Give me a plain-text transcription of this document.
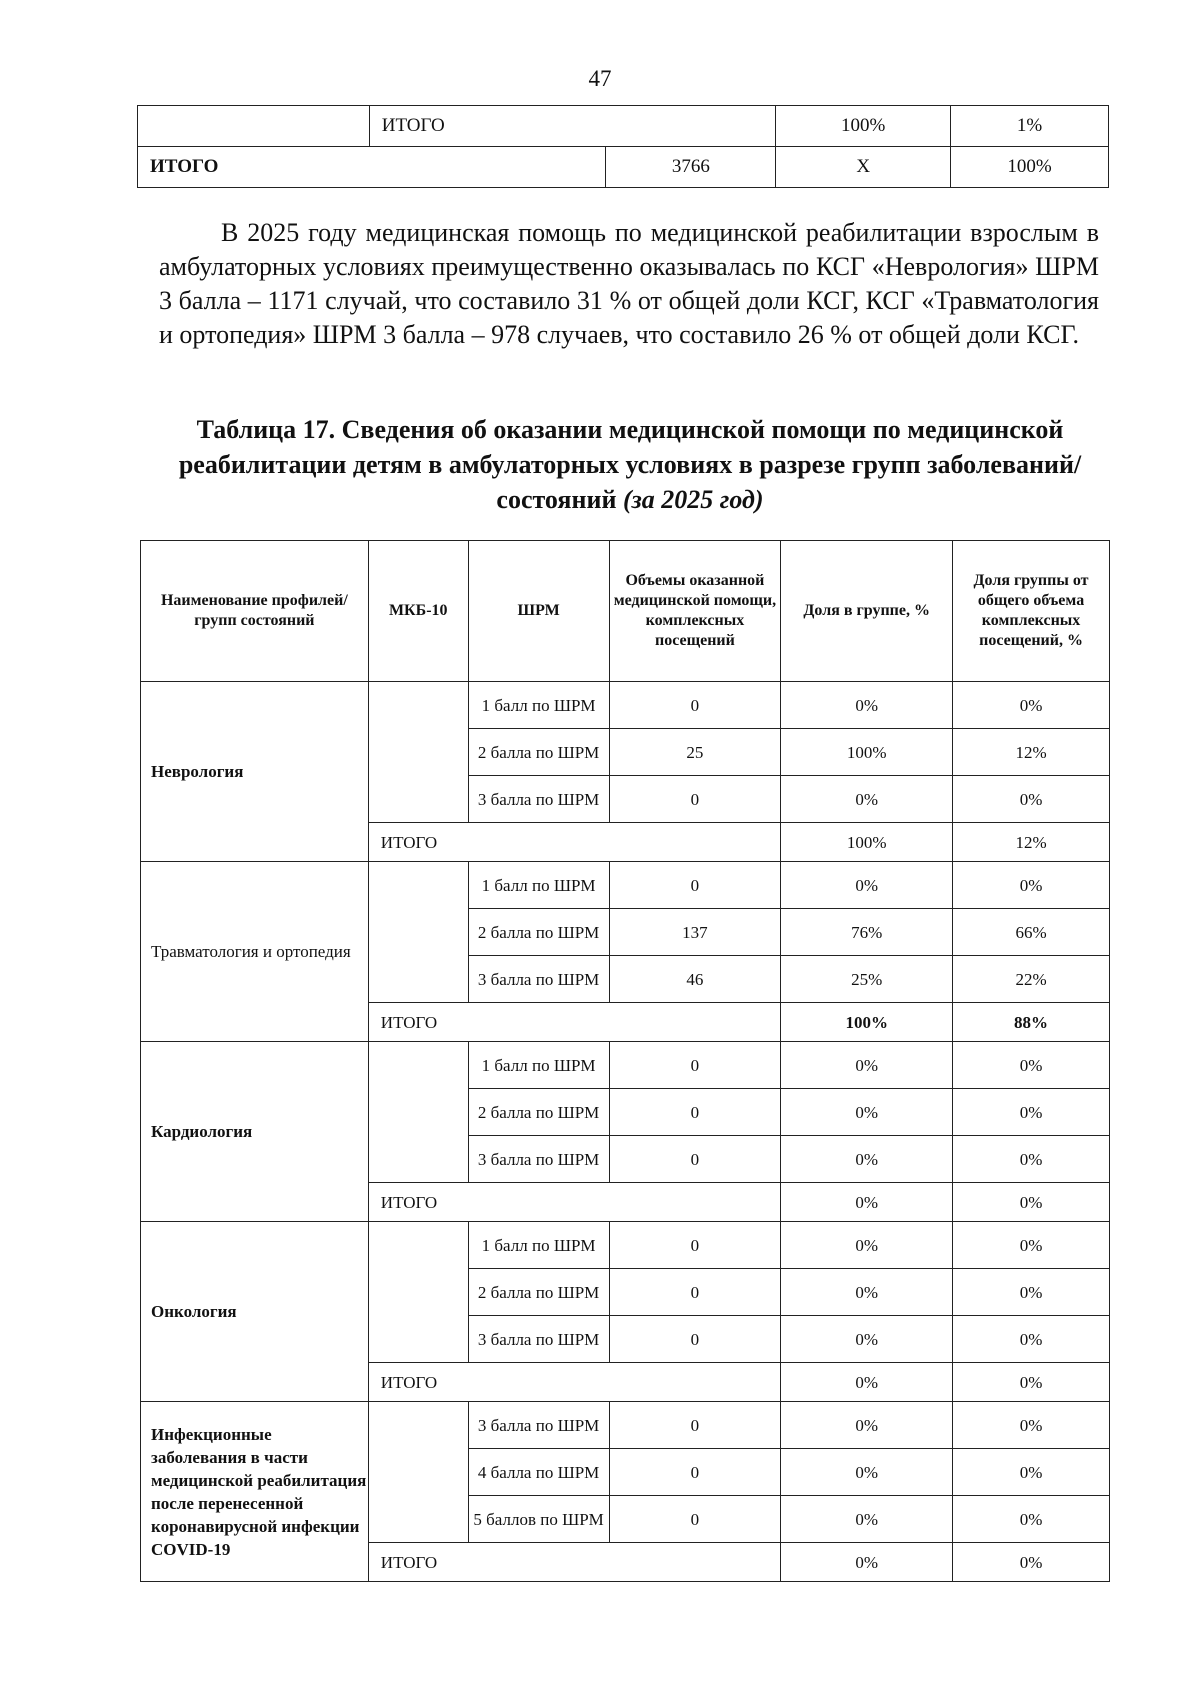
47
	ИТОГО		100%	1%
ИТОГО		3766	Х	100%

В 2025 году медицинская помощь по медицинской реабилитации взрослым в амбулаторных условиях преимущественно оказывалась по КСГ «Неврология» ШРМ 3 балла – 1171 случай, что составило 31 % от общей доли КСГ, КСГ «Травматология и ортопедия» ШРМ 3 балла – 978 случаев, что составило 26 % от общей доли КСГ.

Таблица 17. Сведения об оказании медицинской помощи по медицинской реабилитации детям в амбулаторных условиях в разрезе групп заболеваний/состояний (за 2025 год)
Наименование профилей/групп состояний	МКБ-10	ШРМ	Объемы оказанной медицинской помощи, комплексных посещений	Доля в группе, %	Доля группы от общего объема комплексных посещений, %
Неврология		1 балл по ШРМ	0	0%	0%
		2 балла по ШРМ	25	100%	12%
		3 балла по ШРМ	0	0%	0%
	ИТОГО			100%	12%
Травматология и ортопедия		1 балл по ШРМ	0	0%	0%
		2 балла по ШРМ	137	76%	66%
		3 балла по ШРМ	46	25%	22%
	ИТОГО			100%	88%
Кардиология		1 балл по ШРМ	0	0%	0%
		2 балла по ШРМ	0	0%	0%
		3 балла по ШРМ	0	0%	0%
	ИТОГО			0%	0%
Онкология		1 балл по ШРМ	0	0%	0%
		2 балла по ШРМ	0	0%	0%
		3 балла по ШРМ	0	0%	0%
	ИТОГО			0%	0%
Инфекционные заболевания в части медицинской реабилитация после перенесенной коронавирусной инфекции COVID-19		3 балла по ШРМ	0	0%	0%
		4 балла по ШРМ	0	0%	0%
		5 баллов по ШРМ	0	0%	0%
	ИТОГО			0%	0%
